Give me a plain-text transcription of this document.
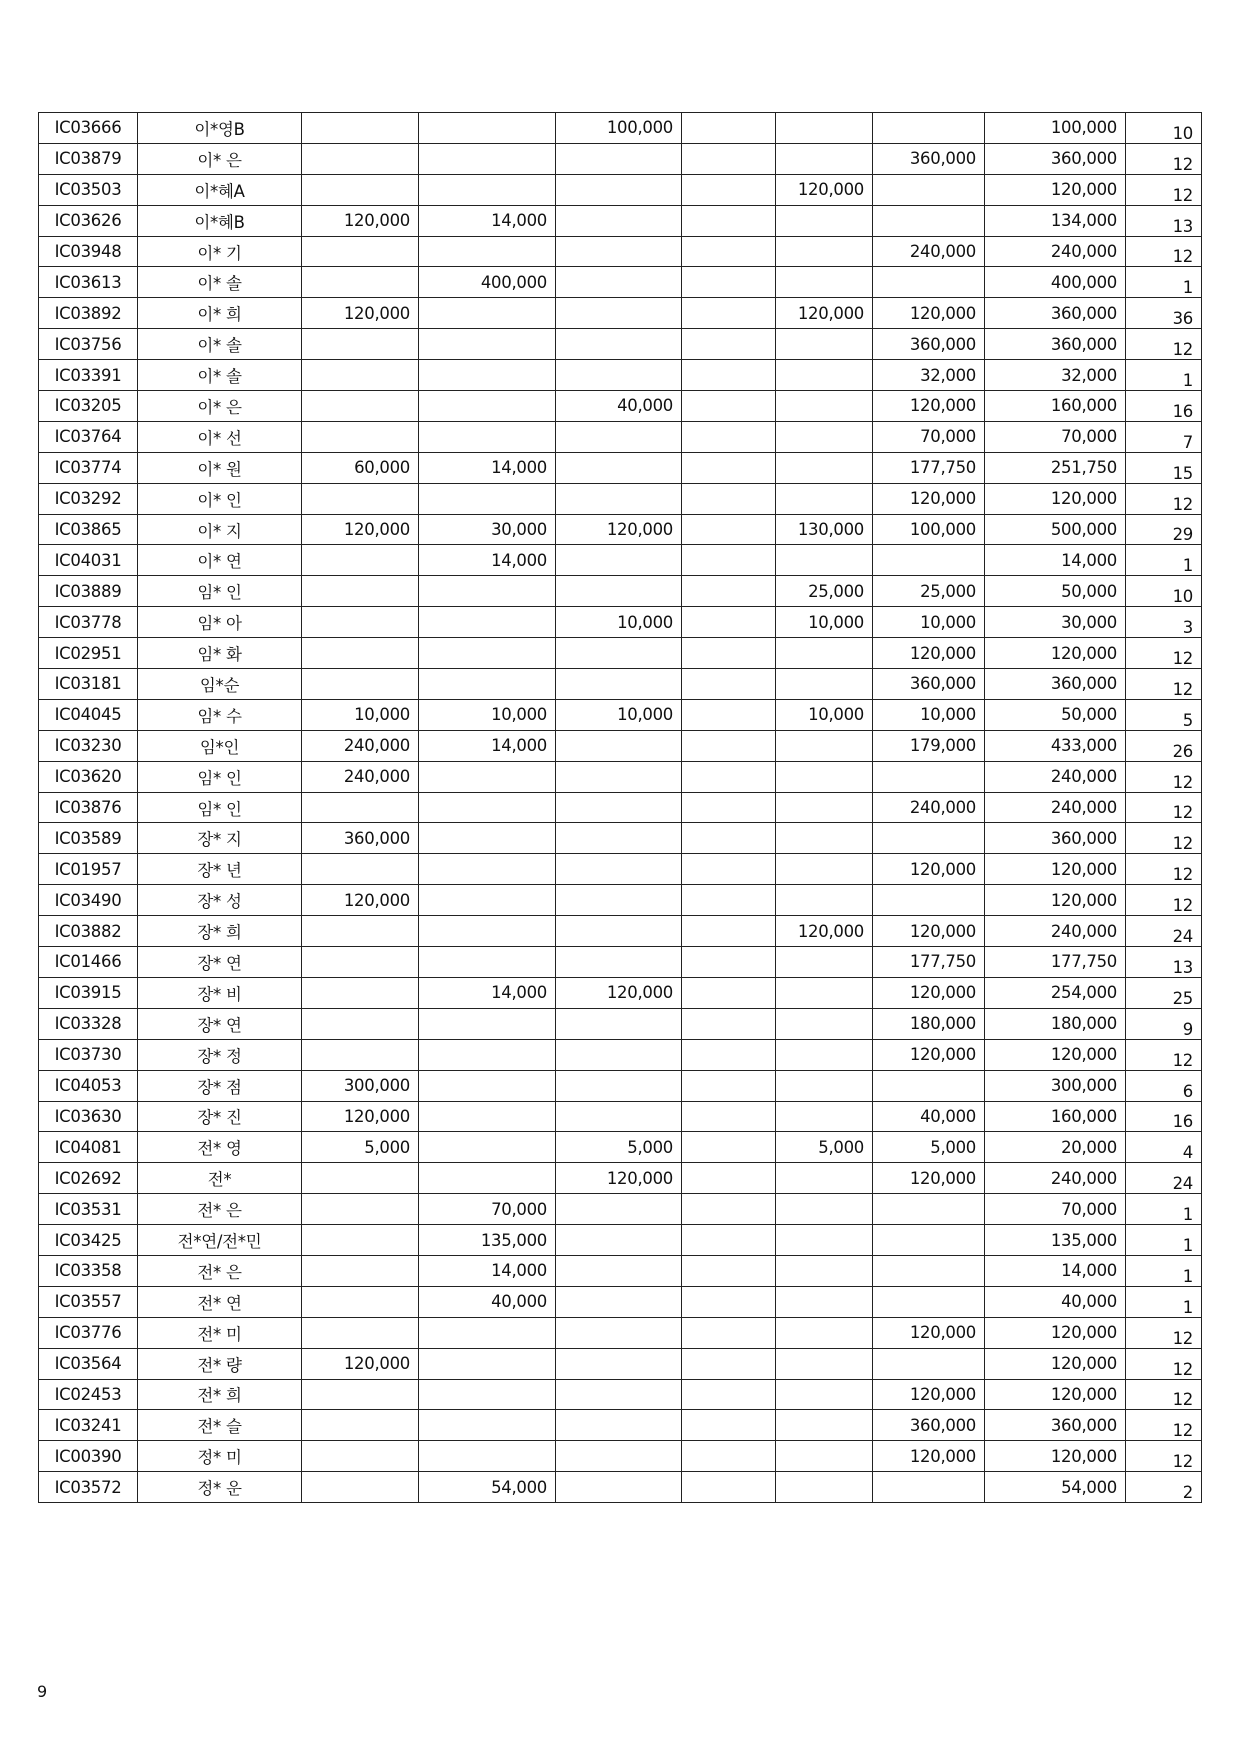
IC03666	이*영B			100,000				100,000	10
IC03879	이* 은						360,000	360,000	12
IC03503	이*혜A					120,000		120,000	12
IC03626	이*혜B	120,000	14,000					134,000	13
IC03948	이* 기						240,000	240,000	12
IC03613	이* 솔		400,000					400,000	1
IC03892	이* 희	120,000				120,000	120,000	360,000	36
IC03756	이* 솔						360,000	360,000	12
IC03391	이* 솔						32,000	32,000	1
IC03205	이* 은			40,000			120,000	160,000	16
IC03764	이* 선						70,000	70,000	7
IC03774	이* 원	60,000	14,000				177,750	251,750	15
IC03292	이* 인						120,000	120,000	12
IC03865	이* 지	120,000	30,000	120,000		130,000	100,000	500,000	29
IC04031	이* 연		14,000					14,000	1
IC03889	임* 인					25,000	25,000	50,000	10
IC03778	임* 아			10,000		10,000	10,000	30,000	3
IC02951	임* 화						120,000	120,000	12
IC03181	임*순						360,000	360,000	12
IC04045	임* 수	10,000	10,000	10,000		10,000	10,000	50,000	5
IC03230	임*인	240,000	14,000				179,000	433,000	26
IC03620	임* 인	240,000						240,000	12
IC03876	임* 인						240,000	240,000	12
IC03589	장* 지	360,000						360,000	12
IC01957	장* 년						120,000	120,000	12
IC03490	장* 성	120,000						120,000	12
IC03882	장* 희					120,000	120,000	240,000	24
IC01466	장* 연						177,750	177,750	13
IC03915	장* 비		14,000	120,000			120,000	254,000	25
IC03328	장* 연						180,000	180,000	9
IC03730	장* 정						120,000	120,000	12
IC04053	장* 점	300,000						300,000	6
IC03630	장* 진	120,000					40,000	160,000	16
IC04081	전* 영	5,000		5,000		5,000	5,000	20,000	4
IC02692	전*			120,000			120,000	240,000	24
IC03531	전* 은		70,000					70,000	1
IC03425	전*연/전*민		135,000					135,000	1
IC03358	전* 은		14,000					14,000	1
IC03557	전* 연		40,000					40,000	1
IC03776	전* 미						120,000	120,000	12
IC03564	전* 량	120,000						120,000	12
IC02453	전* 희						120,000	120,000	12
IC03241	전* 슬						360,000	360,000	12
IC00390	정* 미						120,000	120,000	12
IC03572	정* 운		54,000					54,000	2
9
